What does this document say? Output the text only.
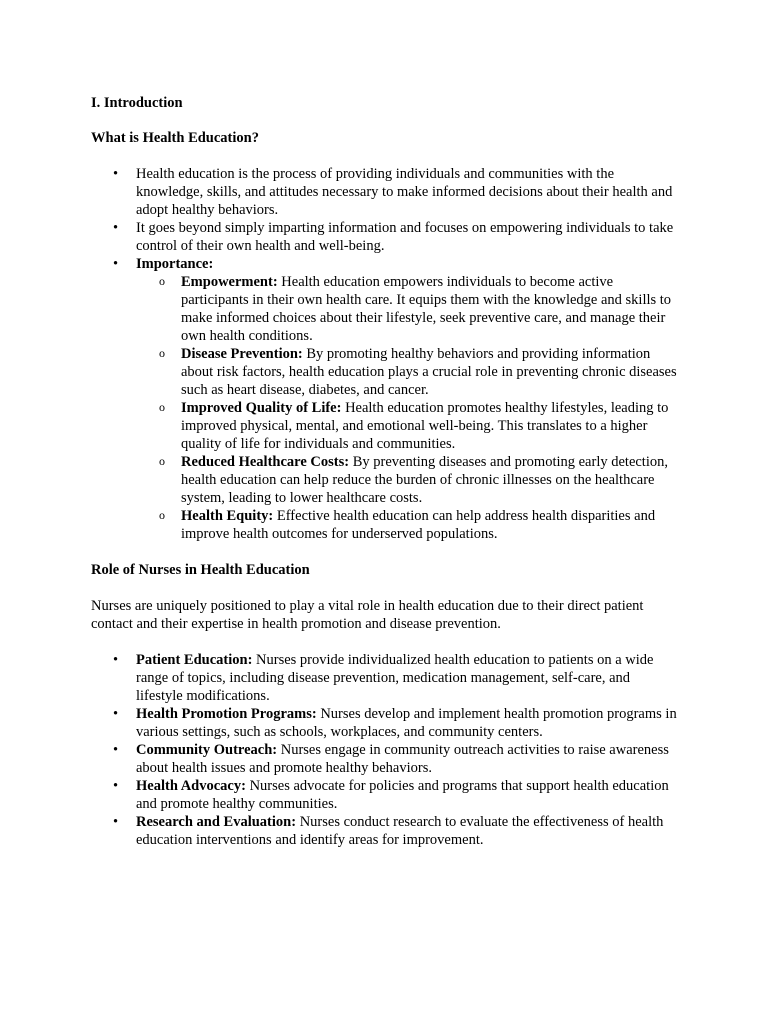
I. Introduction

What is Health Education?

• Health education is the process of providing individuals and communities with the knowledge, skills, and attitudes necessary to make informed decisions about their health and adopt healthy behaviors.
• It goes beyond simply imparting information and focuses on empowering individuals to take control of their own health and well-being.
• Importance:
o Empowerment: Health education empowers individuals to become active participants in their own health care. It equips them with the knowledge and skills to make informed choices about their lifestyle, seek preventive care, and manage their own health conditions.
o Disease Prevention: By promoting healthy behaviors and providing information about risk factors, health education plays a crucial role in preventing chronic diseases such as heart disease, diabetes, and cancer.
o Improved Quality of Life: Health education promotes healthy lifestyles, leading to improved physical, mental, and emotional well-being. This translates to a higher quality of life for individuals and communities.
o Reduced Healthcare Costs: By preventing diseases and promoting early detection, health education can help reduce the burden of chronic illnesses on the healthcare system, leading to lower healthcare costs.
o Health Equity: Effective health education can help address health disparities and improve health outcomes for underserved populations.

Role of Nurses in Health Education

Nurses are uniquely positioned to play a vital role in health education due to their direct patient contact and their expertise in health promotion and disease prevention.

• Patient Education: Nurses provide individualized health education to patients on a wide range of topics, including disease prevention, medication management, self-care, and lifestyle modifications.
• Health Promotion Programs: Nurses develop and implement health promotion programs in various settings, such as schools, workplaces, and community centers.
• Community Outreach: Nurses engage in community outreach activities to raise awareness about health issues and promote healthy behaviors.
• Health Advocacy: Nurses advocate for policies and programs that support health education and promote healthy communities.
• Research and Evaluation: Nurses conduct research to evaluate the effectiveness of health education interventions and identify areas for improvement.
